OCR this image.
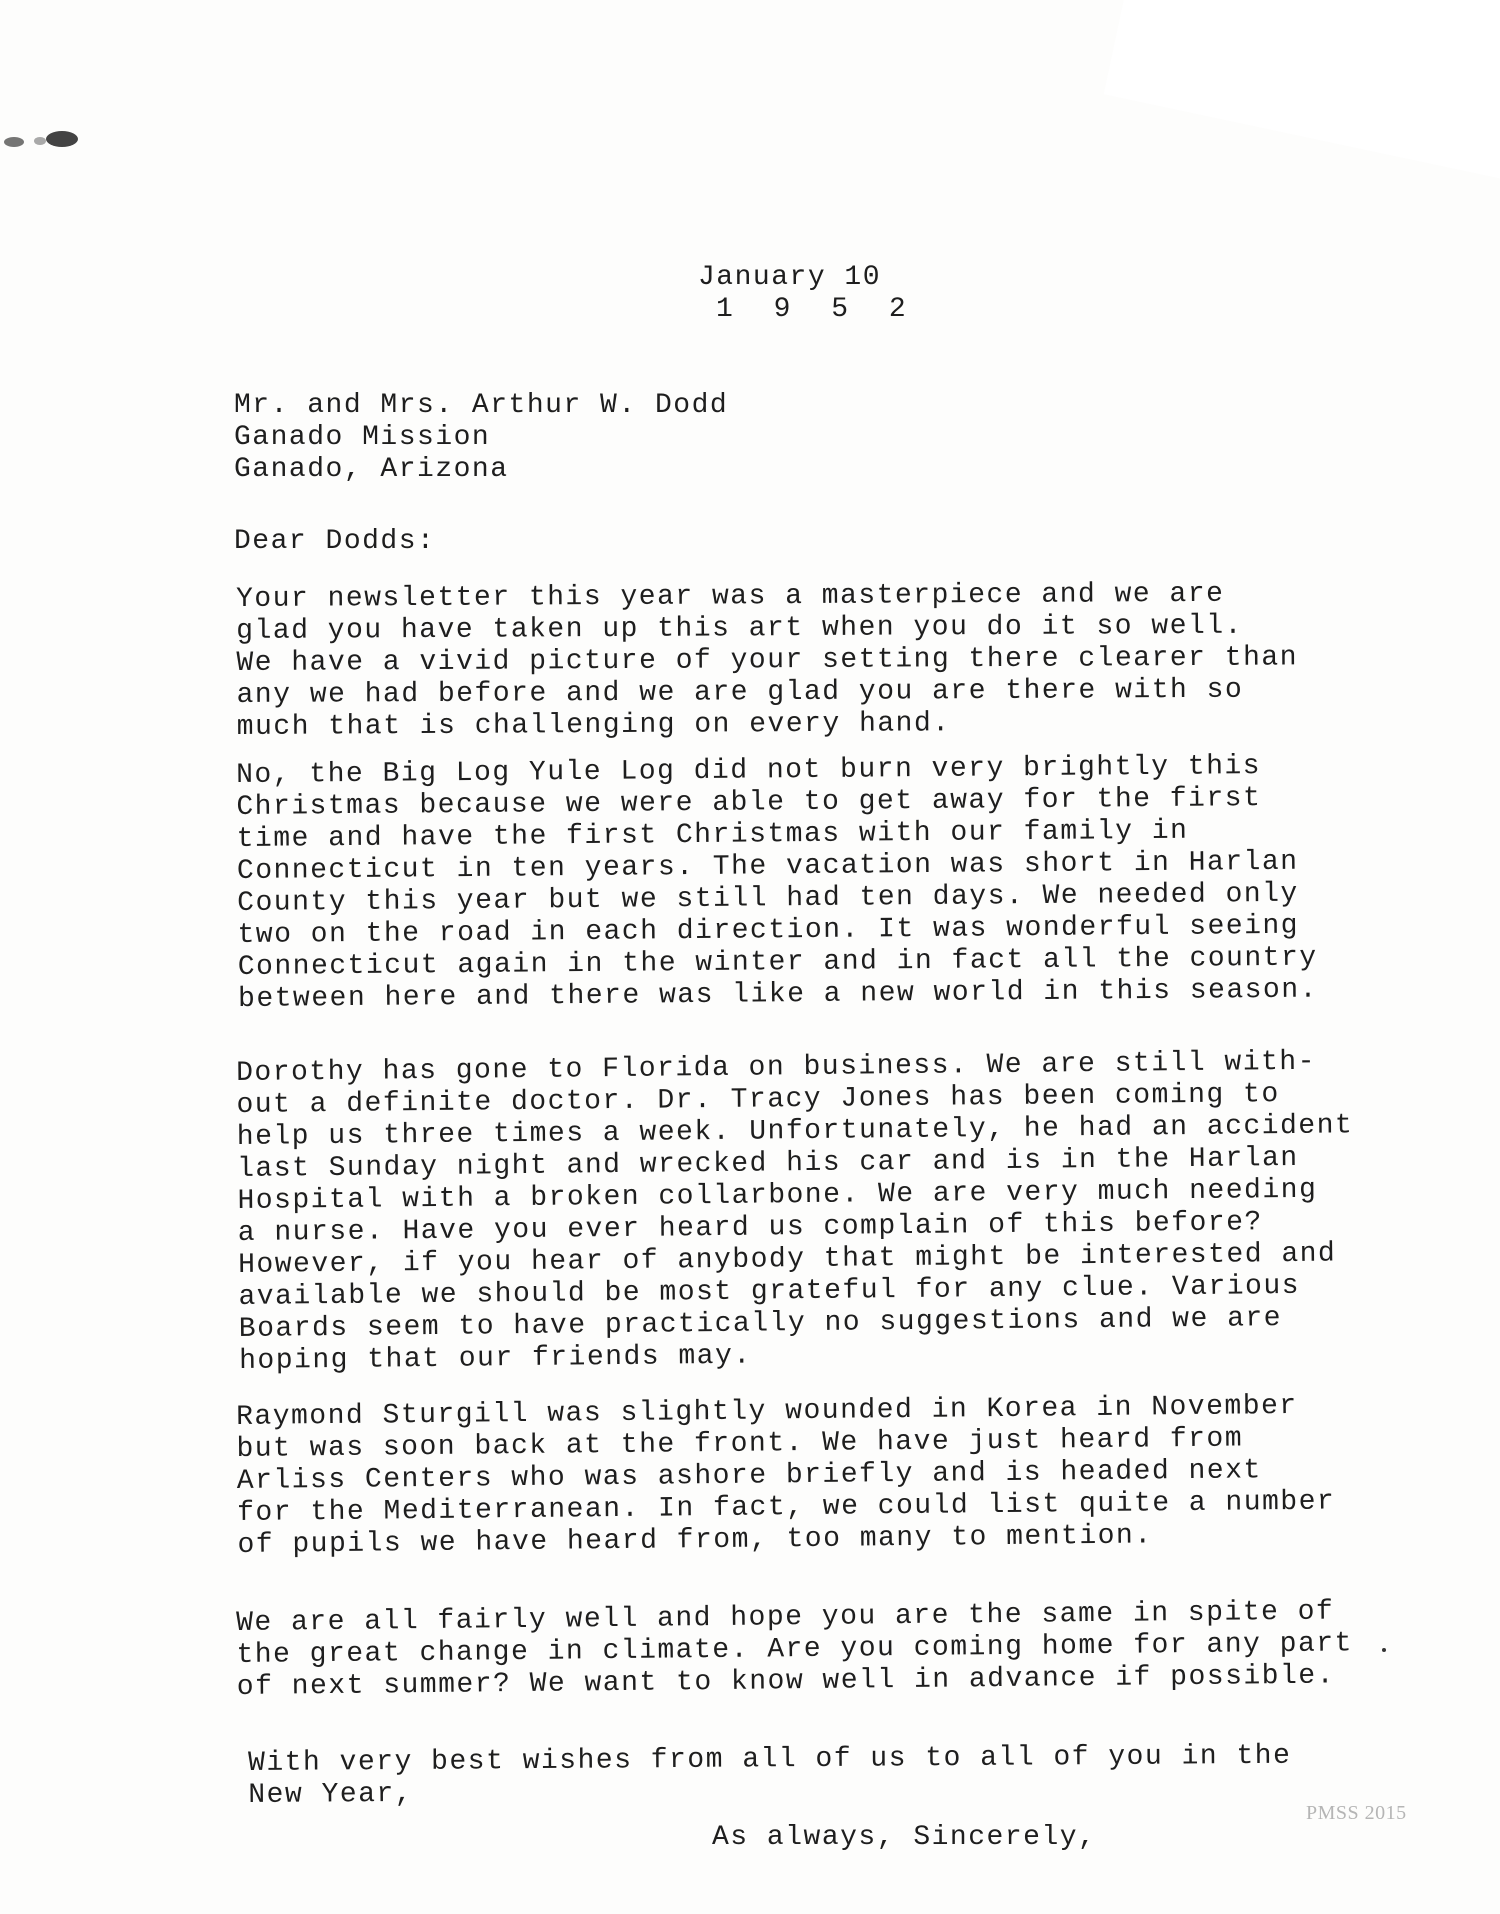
January 10
1 9 5 2
Mr. and Mrs. Arthur W. Dodd
Ganado Mission
Ganado, Arizona
Dear Dodds:
Your newsletter this year was a masterpiece and we are
glad you have taken up this art when you do it so well.
We have a vivid picture of your setting there clearer than
any we had before and we are glad you are there with so
much that is challenging on every hand.
No, the Big Log Yule Log did not burn very brightly this
Christmas because we were able to get away for the first
time and have the first Christmas with our family in
Connecticut in ten years. The vacation was short in Harlan
County this year but we still had ten days. We needed only
two on the road in each direction. It was wonderful seeing
Connecticut again in the winter and in fact all the country
between here and there was like a new world in this season.
Dorothy has gone to Florida on business. We are still with-
out a definite doctor. Dr. Tracy Jones has been coming to
help us three times a week. Unfortunately, he had an accident
last Sunday night and wrecked his car and is in the Harlan
Hospital with a broken collarbone. We are very much needing
a nurse. Have you ever heard us complain of this before?
However, if you hear of anybody that might be interested and
available we should be most grateful for any clue. Various
Boards seem to have practically no suggestions and we are
hoping that our friends may.
Raymond Sturgill was slightly wounded in Korea in November
but was soon back at the front. We have just heard from
Arliss Centers who was ashore briefly and is headed next
for the Mediterranean. In fact, we could list quite a number
of pupils we have heard from, too many to mention.
We are all fairly well and hope you are the same in spite of
the great change in climate. Are you coming home for any part
of next summer? We want to know well in advance if possible.
With very best wishes from all of us to all of you in the
New Year,
As always, Sincerely,
PMSS 2015
